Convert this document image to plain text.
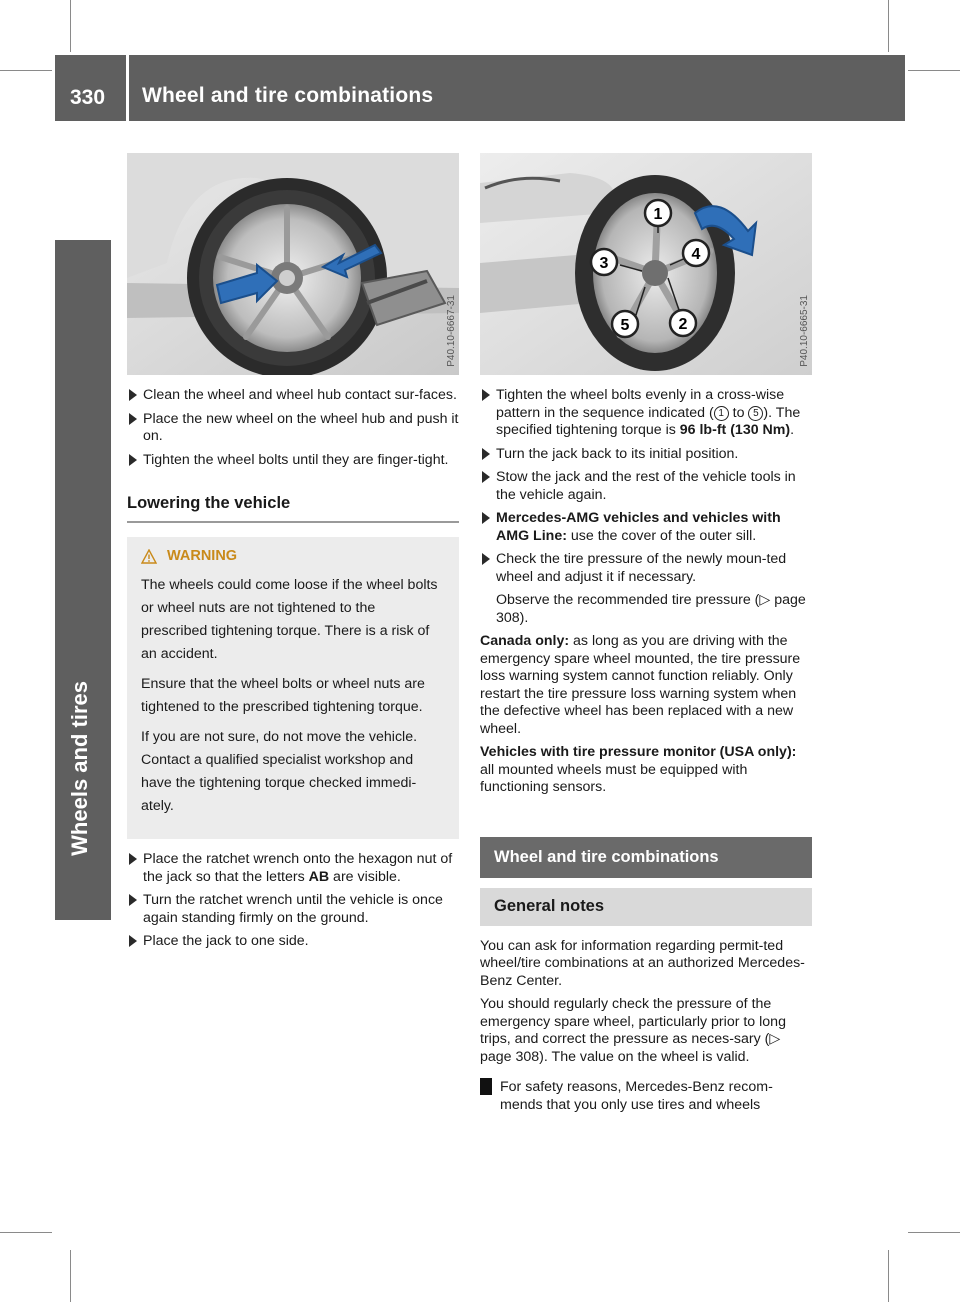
330 Wheel and tire combinations
Wheels and tires
P40.10-6667-31
1
2
3
4
5	P40.10-6665-31
Clean the wheel and wheel hub contact sur-faces.
Place the new wheel on the wheel hub and push it on.
Tighten the wheel bolts until they are finger-tight.
Lowering the vehicle
WARNING

The wheels could come loose if the wheel bolts or wheel nuts are not tightened to the prescribed tightening torque. There is a risk of an accident.

Ensure that the wheel bolts or wheel nuts are tightened to the prescribed tightening torque.

If you are not sure, do not move the vehicle. Contact a qualified specialist workshop and have the tightening torque checked immedi-ately.

Place the ratchet wrench onto the hexagon nut of the jack so that the letters AB are visible.
Turn the ratchet wrench until the vehicle is once again standing firmly on the ground.
Place the jack to one side.
Tighten the wheel bolts evenly in a cross-wise pattern in the sequence indicated ( 1 to 5 ). The specified tightening torque is 96 lb-ft (130 Nm).
Turn the jack back to its initial position.
Stow the jack and the rest of the vehicle tools in the vehicle again.
Mercedes-AMG vehicles and vehicles with AMG Line: use the cover of the outer sill.
Check the tire pressure of the newly moun-ted wheel and adjust it if necessary.
Observe the recommended tire pressure (▷ page 308).

Canada only: as long as you are driving with the emergency spare wheel mounted, the tire pressure loss warning system cannot function reliably. Only restart the tire pressure loss warning system when the defective wheel has been replaced with a new wheel.

Vehicles with tire pressure monitor (USA only): all mounted wheels must be equipped with functioning sensors.

Wheel and tire combinations
General notes

You can ask for information regarding permit-ted wheel/tire combinations at an authorized Mercedes-Benz Center.

You should regularly check the pressure of the emergency spare wheel, particularly prior to long trips, and correct the pressure as neces-sary (▷ page 308). The value on the wheel is valid.

! For safety reasons, Mercedes-Benz recom-mends that you only use tires and wheels
